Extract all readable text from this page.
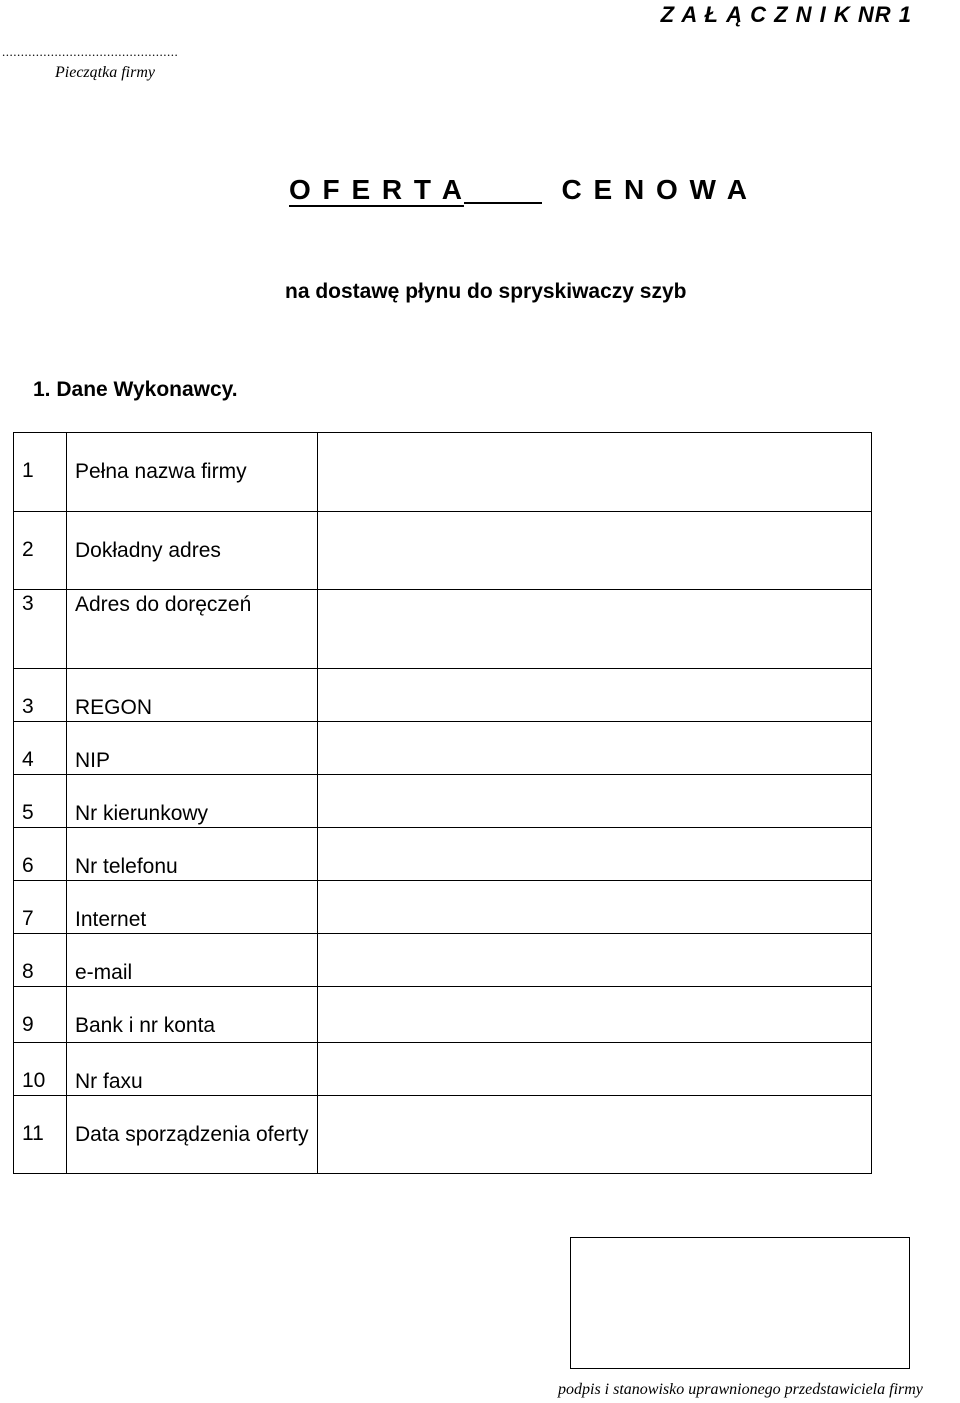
Z A Ł Ą C Z N I K NR 1
...............................................
Pieczątka firmy
O F E R T A	C E N O W A
na dostawę płynu do spryskiwaczy szyb
1. Dane Wykonawcy.
1	Pełna nazwa firmy	

2	Dokładny adres	

3	Adres do doręczeń	

3	REGON	

4	NIP	

5	Nr kierunkowy	

6	Nr telefonu	

7	Internet	

8	e-mail	

9	Bank i nr konta	

10	Nr faxu	

11	Data sporządzenia oferty	

podpis i stanowisko uprawnionego przedstawiciela firmy
